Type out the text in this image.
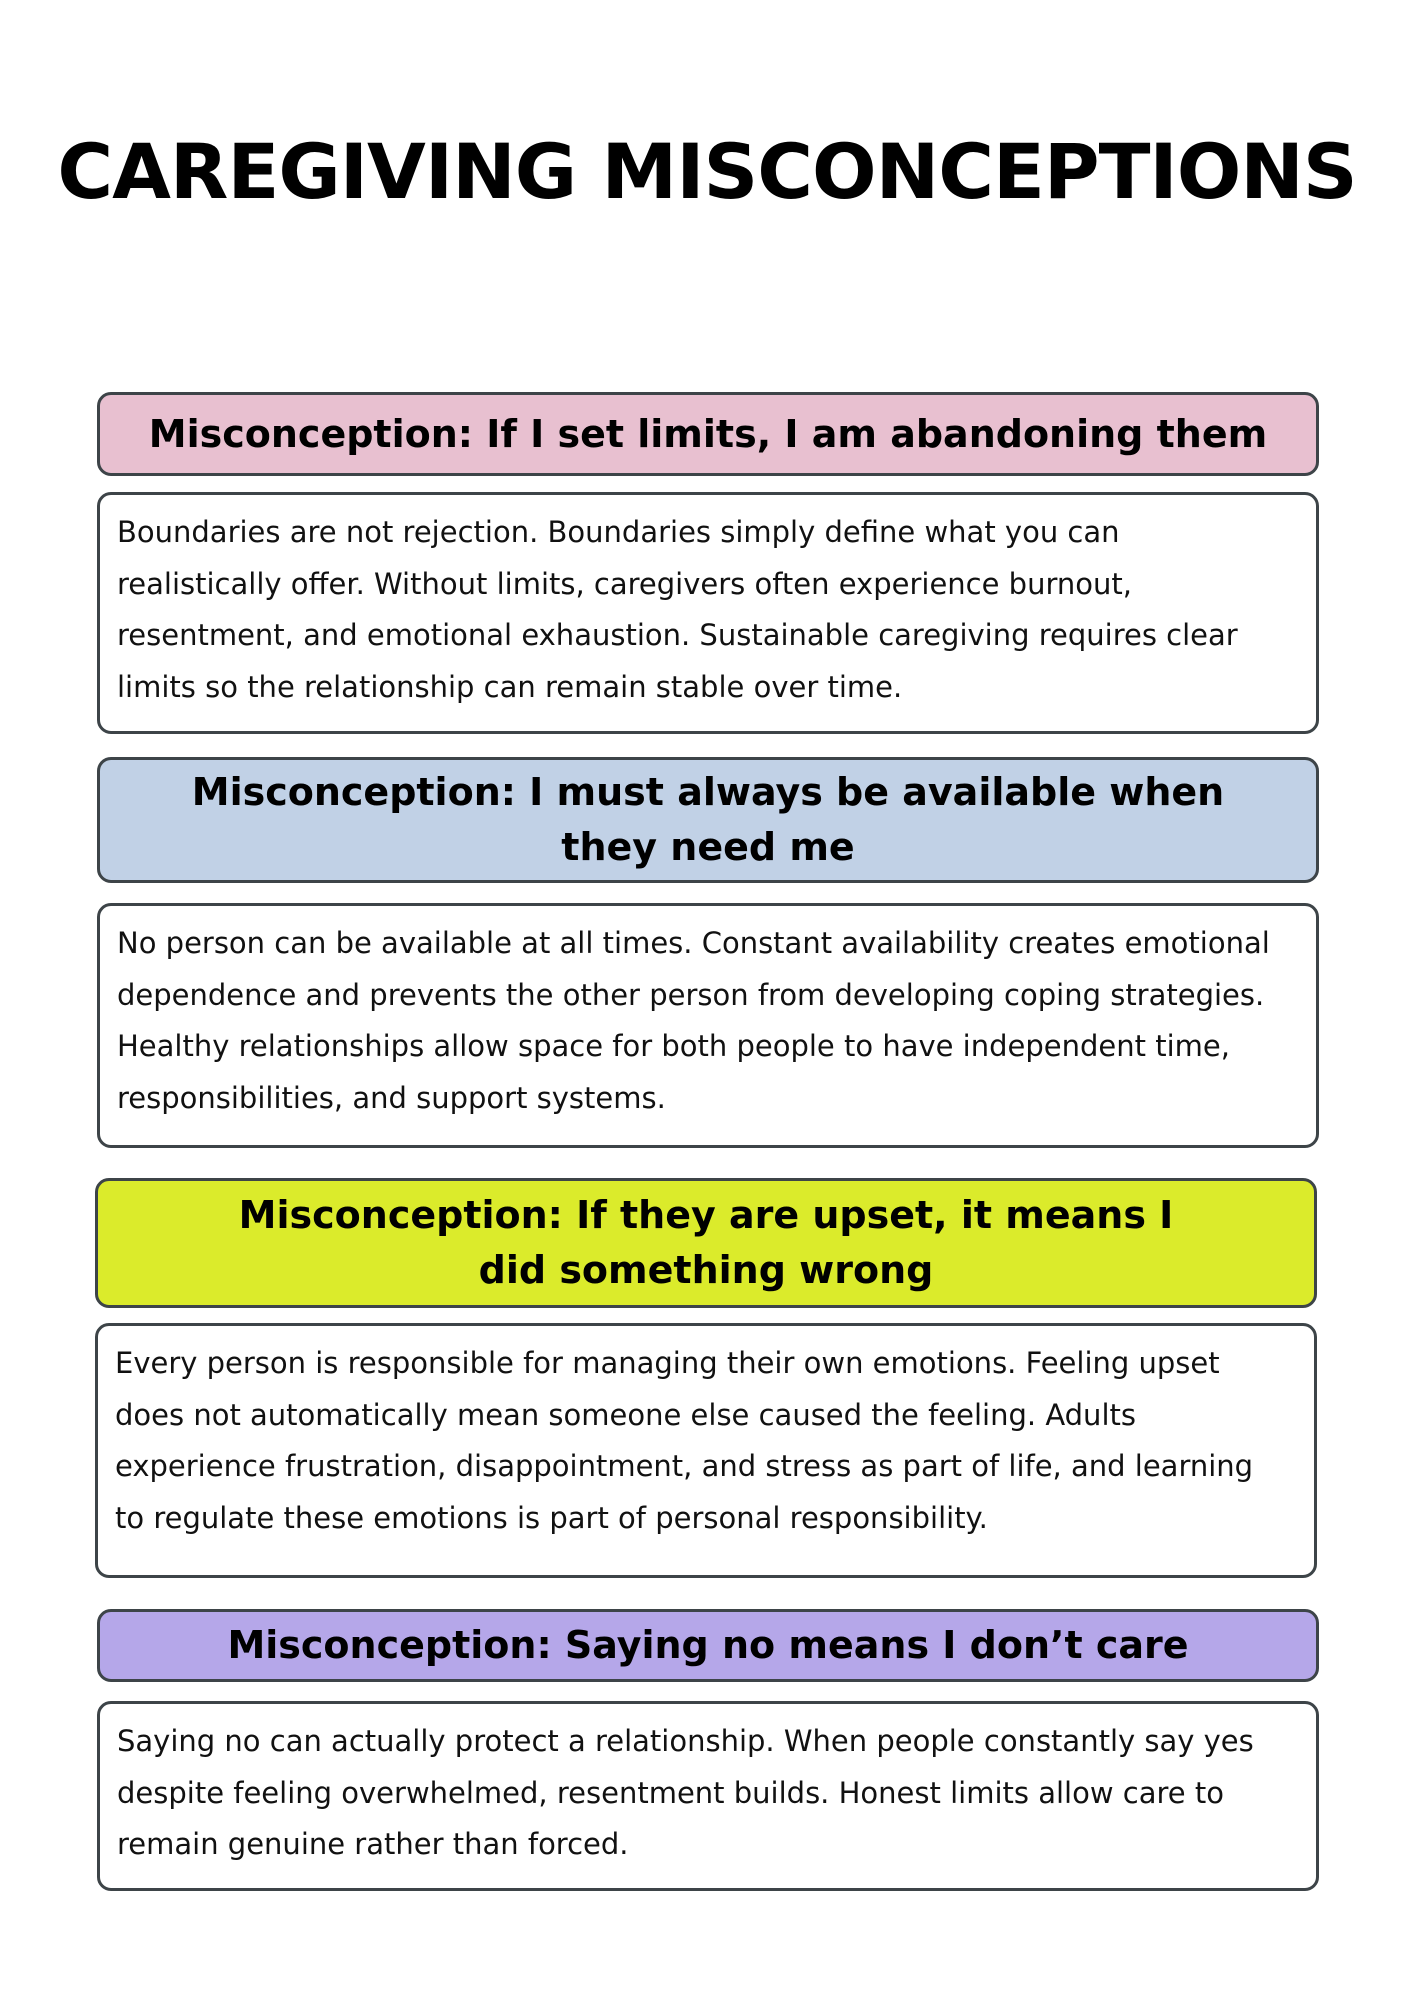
CAREGIVING MISCONCEPTIONS
Misconception: If I set limits, I am abandoning them

Boundaries are not rejection. Boundaries simply define what you can realistically offer. Without limits, caregivers often experience burnout, resentment, and emotional exhaustion. Sustainable caregiving requires clear limits so the relationship can remain stable over time.

Misconception: I must always be available when they need me

No person can be available at all times. Constant availability creates emotional dependence and prevents the other person from developing coping strategies. Healthy relationships allow space for both people to have independent time, responsibilities, and support systems.

Misconception: If they are upset, it means I did something wrong

Every person is responsible for managing their own emotions. Feeling upset does not automatically mean someone else caused the feeling. Adults experience frustration, disappointment, and stress as part of life, and learning to regulate these emotions is part of personal responsibility.

Misconception: Saying no means I don’t care

Saying no can actually protect a relationship. When people constantly say yes despite feeling overwhelmed, resentment builds. Honest limits allow care to remain genuine rather than forced.
